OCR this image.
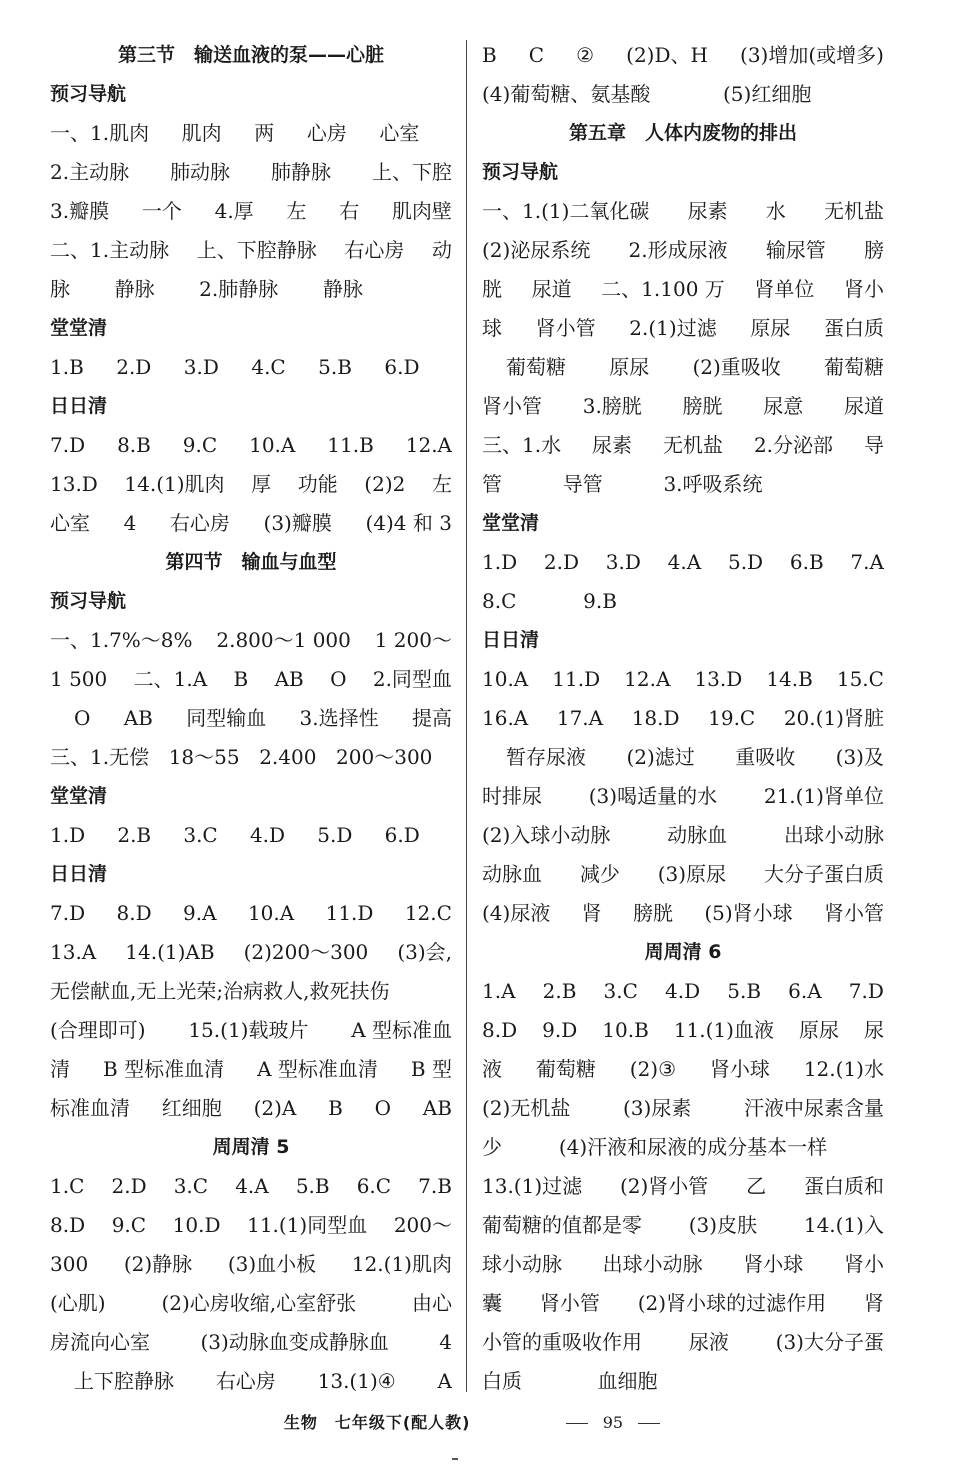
第三节　输送血液的泵——心脏
预习导航
一、1.肌肉 肌肉 两 心房 心室
2.主动脉 肺动脉 肺静脉 上、下腔
3.瓣膜 一个 4.厚 左 右 肌肉壁
二、1.主动脉 上、下腔静脉 右心房 动
脉 静脉 2.肺静脉 静脉
堂堂清
1.B 2.D 3.D 4.C 5.B 6.D
日日清
7.D 8.B 9.C 10.A 11.B 12.A
13.D 14.(1)肌肉 厚 功能 (2)2 左
心室 4 右心房 (3)瓣膜 (4)4 和 3
第四节　输血与血型
预习导航
一、1.7%～8% 2.800～1 000 1 200～
1 500 二、1.A B AB O 2.同型血
O AB 同型输血 3.选择性 提高
三、1.无偿 18～55 2.400 200～300
堂堂清
1.D 2.B 3.C 4.D 5.D 6.D
日日清
7.D 8.D 9.A 10.A 11.D 12.C
13.A 14.(1)AB (2)200～300 (3)会,
无偿献血,无上光荣;治病救人,救死扶伤
(合理即可) 15.(1)载玻片 A 型标准血
清 B 型标准血清 A 型标准血清 B 型
标准血清 红细胞 (2)A B O AB
周周清 5
1.C 2.D 3.C 4.A 5.B 6.C 7.B
8.D 9.C 10.D 11.(1)同型血 200～
300 (2)静脉 (3)血小板 12.(1)肌肉
(心肌)	(2)心房收缩,心室舒张	由心
房流向心室	(3)动脉血变成静脉血	4
上下腔静脉 右心房 13.(1)④ A
B C ② (2)D、H (3)增加(或增多)
(4)葡萄糖、氨基酸	(5)红细胞
第五章　人体内废物的排出
预习导航
一、1.(1)二氧化碳 尿素 水 无机盐
(2)泌尿系统 2.形成尿液 输尿管 膀
胱 尿道 二、1.100 万 肾单位 肾小
球 肾小管 2.(1)过滤 原尿 蛋白质
葡萄糖 原尿 (2)重吸收 葡萄糖
肾小管 3.膀胱 膀胱 尿意 尿道
三、1.水 尿素 无机盐 2.分泌部 导
管	导管	3.呼吸系统
堂堂清
1.D 2.D 3.D 4.A 5.D 6.B 7.A
8.C	9.B
日日清
10.A 11.D 12.A 13.D 14.B 15.C
16.A 17.A 18.D 19.C 20.(1)肾脏
暂存尿液 (2)滤过 重吸收 (3)及
时排尿 (3)喝适量的水 21.(1)肾单位
(2)入球小动脉	动脉血	出球小动脉
动脉血 减少 (3)原尿 大分子蛋白质
(4)尿液 肾 膀胱 (5)肾小球 肾小管
周周清 6
1.A 2.B 3.C 4.D 5.B 6.A 7.D
8.D 9.D 10.B 11.(1)血液 原尿 尿
液 葡萄糖 (2)③ 肾小球 12.(1)水
(2)无机盐	(3)尿素	汗液中尿素含量
少	(4)汗液和尿液的成分基本一样
13.(1)过滤 (2)肾小管 乙 蛋白质和
葡萄糖的值都是零 (3)皮肤 14.(1)入
球小动脉 出球小动脉 肾小球 肾小
囊 肾小管 (2)肾小球的过滤作用 肾
小管的重吸收作用 尿液 (3)大分子蛋
白质	血细胞
生物　七年级下(配人教)	95
